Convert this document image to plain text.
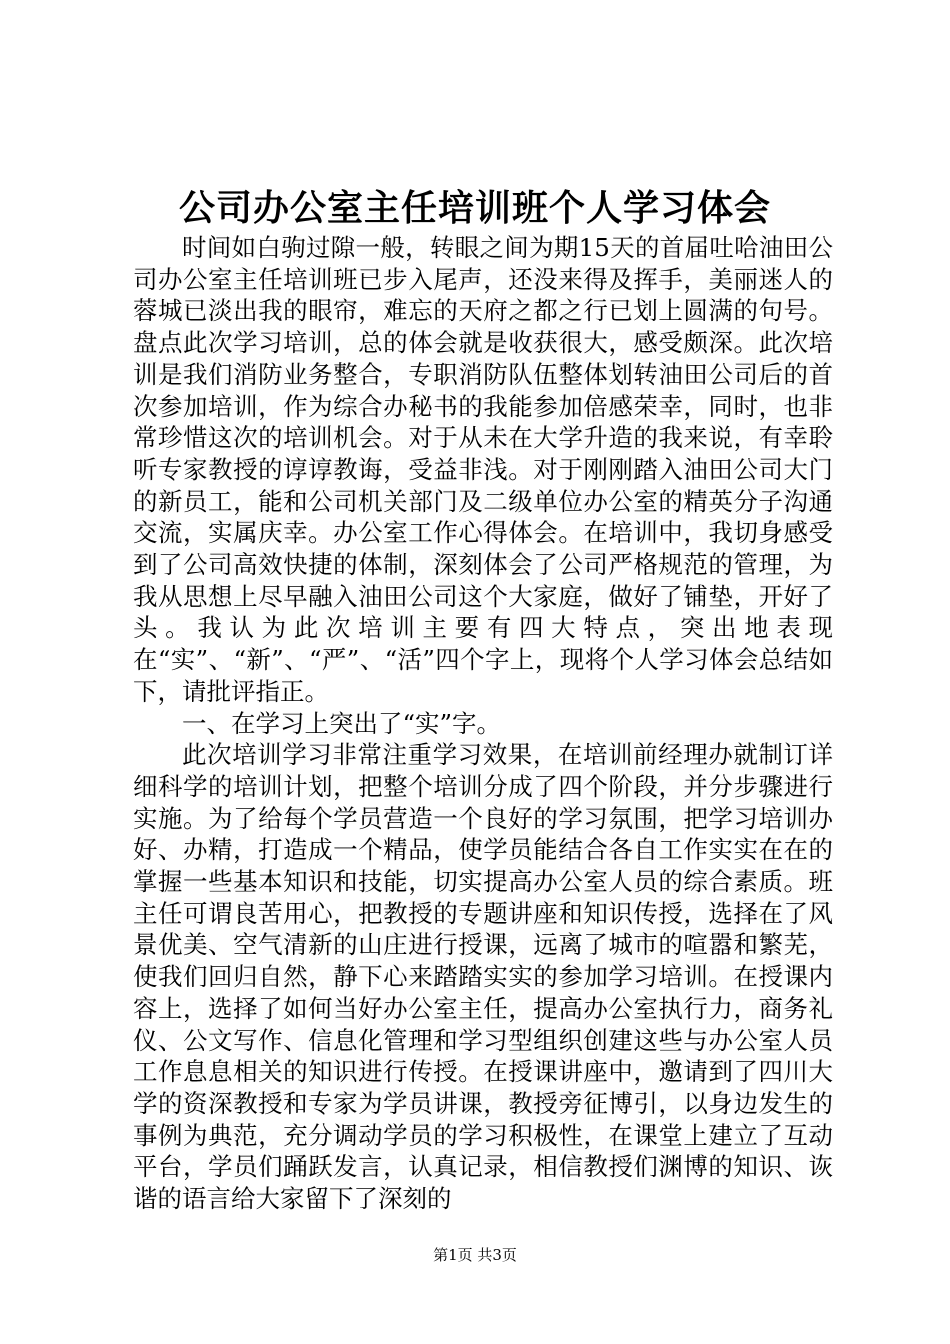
公司办公室主任培训班个人学习体会

时间如白驹过隙一般，转眼之间为期15天的首届吐哈油田公司办公室主任培训班已步入尾声，还没来得及挥手，美丽迷人的蓉城已淡出我的眼帘，难忘的天府之都之行已划上圆满的句号。盘点此次学习培训，总的体会就是收获很大，感受颇深。此次培训是我们消防业务整合，专职消防队伍整体划转油田公司后的首次参加培训，作为综合办秘书的我能参加倍感荣幸，同时，也非常珍惜这次的培训机会。对于从未在大学升造的我来说，有幸聆听专家教授的谆谆教诲，受益非浅。对于刚刚踏入油田公司大门的新员工，能和公司机关部门及二级单位办公室的精英分子沟通交流，实属庆幸。办公室工作心得体会。在培训中，我切身感受到了公司高效快捷的体制，深刻体会了公司严格规范的管理，为我从思想上尽早融入油田公司这个大家庭，做好了铺垫，开好了头。我认为此次培训主要有四大特点，突出地表现在“实”、“新”、“严”、“活”四个字上，现将个人学习体会总结如下，请批评指正。

一、在学习上突出了“实”字。

此次培训学习非常注重学习效果，在培训前经理办就制订详细科学的培训计划，把整个培训分成了四个阶段，并分步骤进行实施。为了给每个学员营造一个良好的学习氛围，把学习培训办好、办精，打造成一个精品，使学员能结合各自工作实实在在的掌握一些基本知识和技能，切实提高办公室人员的综合素质。班主任可谓良苦用心，把教授的专题讲座和知识传授，选择在了风景优美、空气清新的山庄进行授课，远离了城市的喧嚣和繁芜，使我们回归自然，静下心来踏踏实实的参加学习培训。在授课内容上，选择了如何当好办公室主任，提高办公室执行力，商务礼仪、公文写作、信息化管理和学习型组织创建这些与办公室人员工作息息相关的知识进行传授。在授课讲座中，邀请到了四川大学的资深教授和专家为学员讲课，教授旁征博引，以身边发生的事例为典范，充分调动学员的学习积极性，在课堂上建立了互动平台，学员们踊跃发言，认真记录，相信教授们渊博的知识、诙谐的语言给大家留下了深刻的

第1页 共3页
